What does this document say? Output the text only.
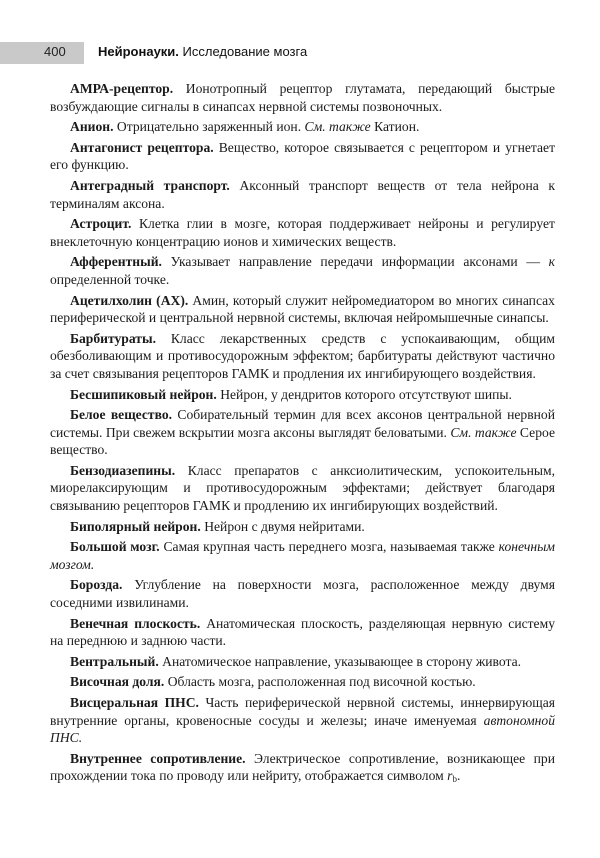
400 Нейронауки. Исследование мозга

АМРА-рецептор. Ионотропный рецептор глутамата, передающий быстрые возбуждающие сигналы в синапсах нервной системы позвоночных.

Анион. Отрицательно заряженный ион. См. также Катион.

Антагонист рецептора. Вещество, которое связывается с рецептором и угнетает его функцию.

Антеградный транспорт. Аксонный транспорт веществ от тела нейрона к терминалям аксона.

Астроцит. Клетка глии в мозге, которая поддерживает нейроны и регулирует внеклеточную концентрацию ионов и химических веществ.

Афферентный. Указывает направление передачи информации аксонами — к определенной точке.

Ацетилхолин (АХ). Амин, который служит нейромедиатором во многих синапсах периферической и центральной нервной системы, включая нейромышечные синапсы.

Барбитураты. Класс лекарственных средств с успокаивающим, общим обезболивающим и противосудорожным эффектом; барбитураты действуют частично за счет связывания рецепторов ГАМК и продления их ингибирующего воздействия.

Бесшипиковый нейрон. Нейрон, у дендритов которого отсутствуют шипы.

Белое вещество. Собирательный термин для всех аксонов центральной нервной системы. При свежем вскрытии мозга аксоны выглядят беловатыми. См. также Серое вещество.

Бензодиазепины. Класс препаратов с анксиолитическим, успокоительным, миорелаксирующим и противосудорожным эффектами; действует благодаря связыванию рецепторов ГАМК и продлению их ингибирующих воздействий.

Биполярный нейрон. Нейрон с двумя нейритами.

Большой мозг. Самая крупная часть переднего мозга, называемая также конечным мозгом.

Борозда. Углубление на поверхности мозга, расположенное между двумя соседними извилинами.

Венечная плоскость. Анатомическая плоскость, разделяющая нервную систему на переднюю и заднюю части.

Вентральный. Анатомическое направление, указывающее в сторону живота.

Височная доля. Область мозга, расположенная под височной костью.

Висцеральная ПНС. Часть периферической нервной системы, иннервирующая внутренние органы, кровеносные сосуды и железы; иначе именуемая автономной ПНС.

Внутреннее сопротивление. Электрическое сопротивление, возникающее при прохождении тока по проводу или нейриту, отображается символом $r_b$.
